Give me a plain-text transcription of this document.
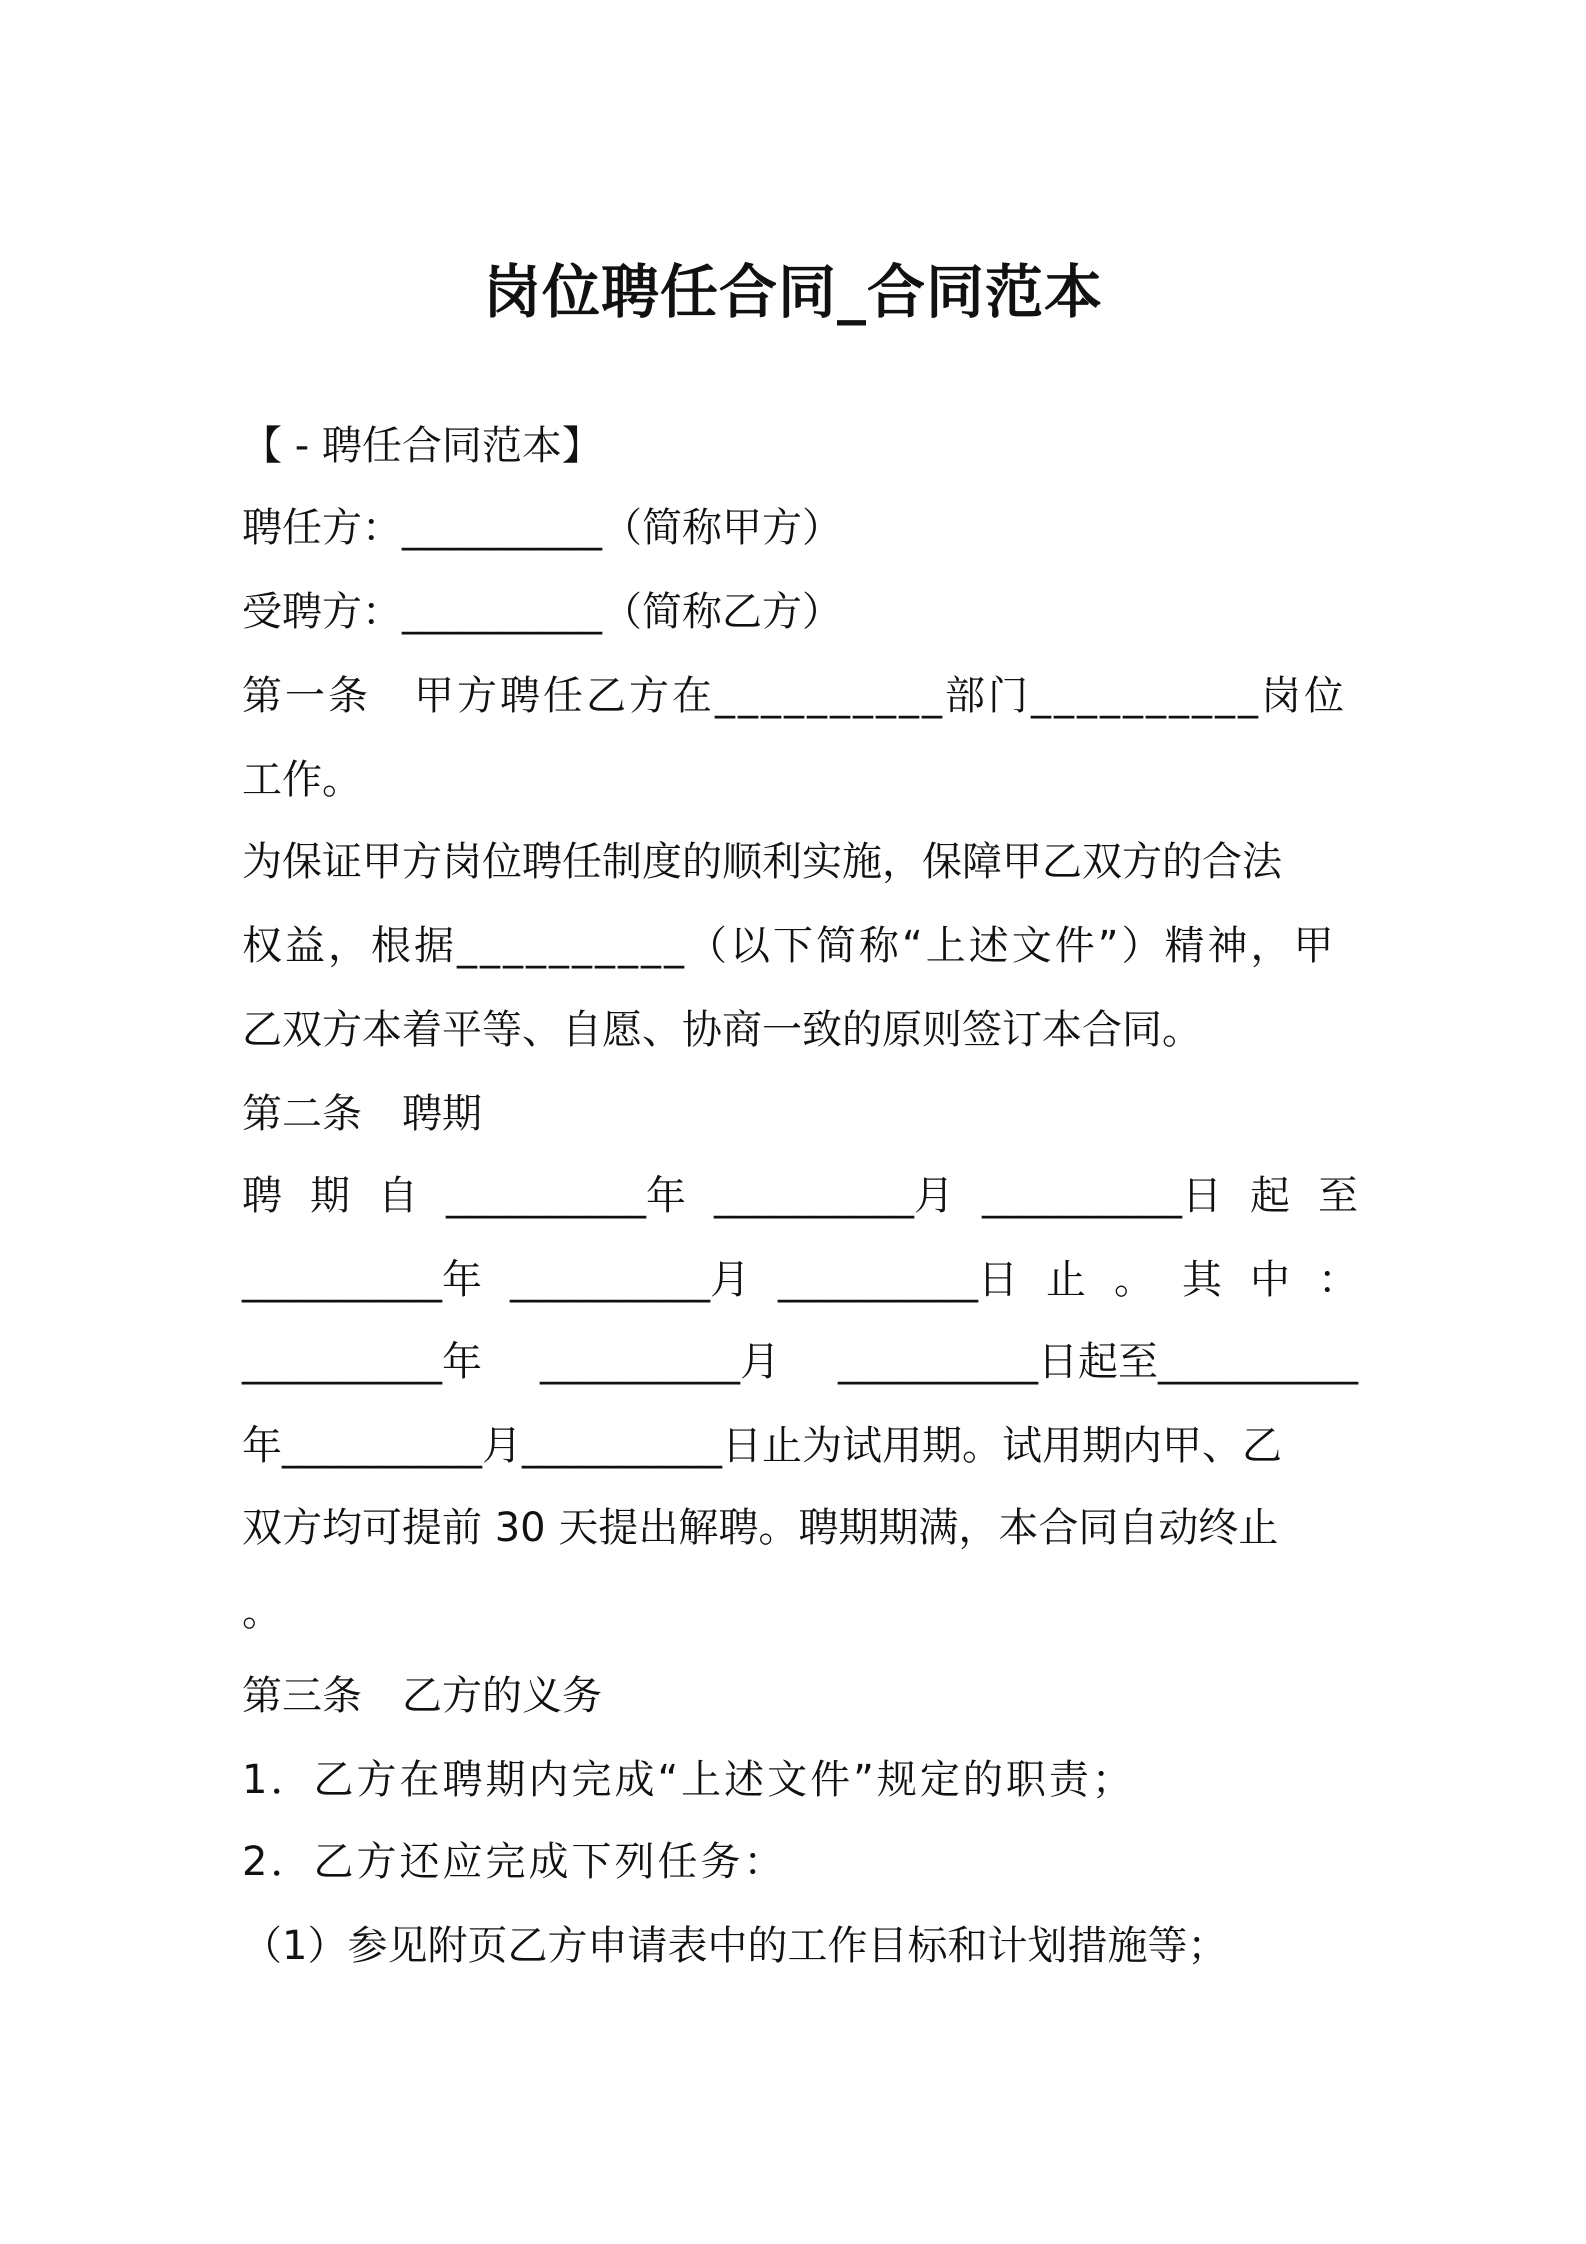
岗位聘任合同_合同范本

【 - 聘任合同范本】

聘任方：__________（简称甲方）

受聘方：__________（简称乙方）

第一条　甲方聘任乙方在__________部门__________岗位

工作。

为保证甲方岗位聘任制度的顺利实施，保障甲乙双方的合法

权益，根据__________（以下简称“上述文件”）精神，甲

乙双方本着平等、自愿、协商一致的原则签订本合同。

第二条　聘期

聘 期 自 __________年 __________月 __________日 起 至
__________年 __________月 __________日 止 。 其 中 ：
__________年 __________月 __________日起至__________

年__________月__________日止为试用期。试用期内甲、乙

双方均可提前 30 天提出解聘。聘期期满，本合同自动终止

。

第三条　乙方的义务

1．乙方在聘期内完成“上述文件”规定的职责；

2．乙方还应完成下列任务：

（1）参见附页乙方申请表中的工作目标和计划措施等；
